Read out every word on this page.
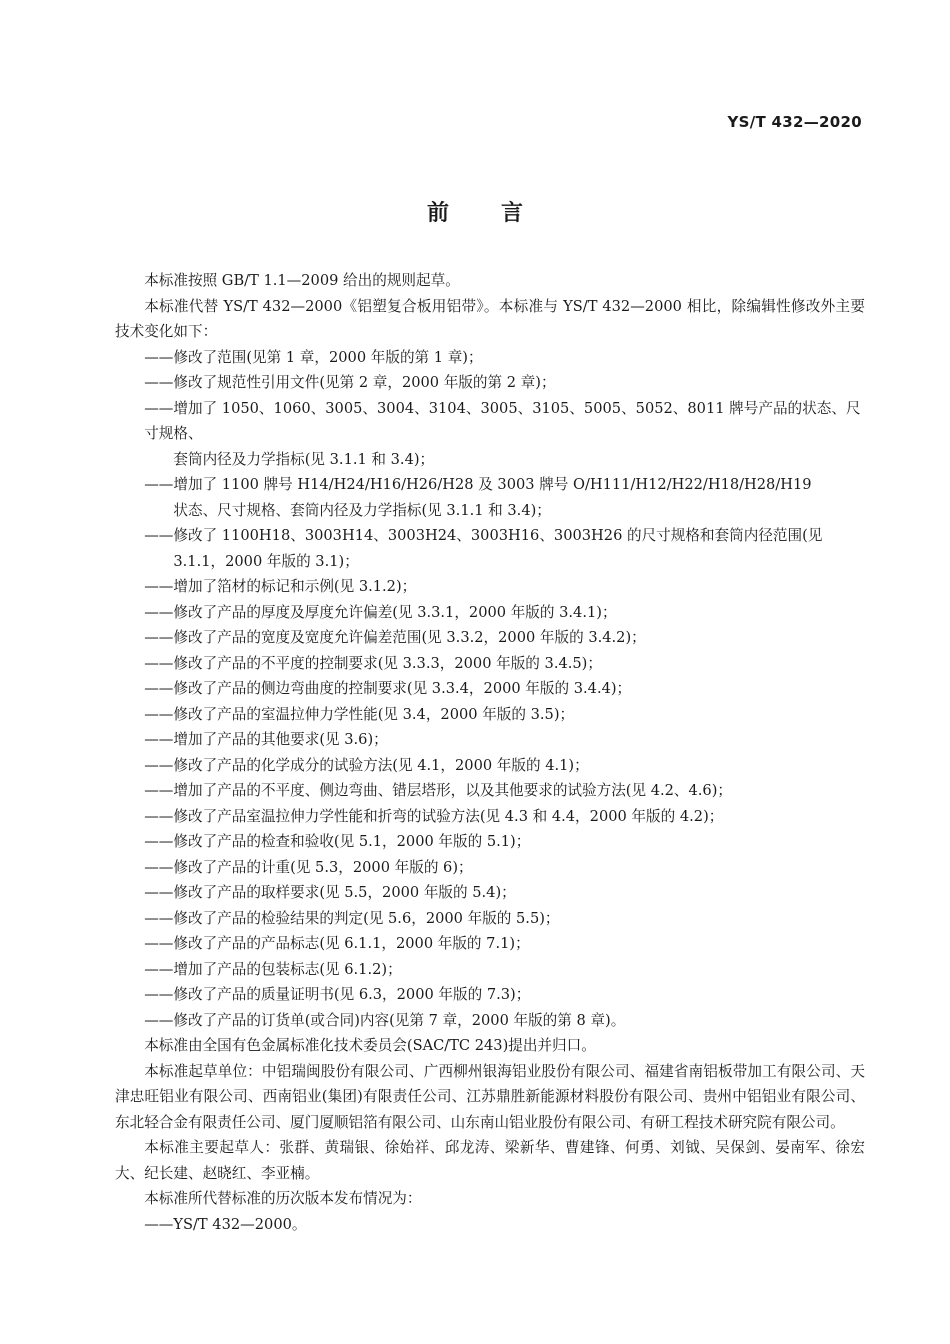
YS/T 432—2020
前言

本标准按照 GB/T 1.1—2009 给出的规则起草。

本标准代替 YS/T 432—2000《铝塑复合板用铝带》。本标准与 YS/T 432—2000 相比，除编辑性修改外主要技术变化如下：

——修改了范围(见第 1 章，2000 年版的第 1 章)；
——修改了规范性引用文件(见第 2 章，2000 年版的第 2 章)；
——增加了 1050、1060、3005、3004、3104、3005、3105、5005、5052、8011 牌号产品的状态、尺寸规格、
套筒内径及力学指标(见 3.1.1 和 3.4)；
——增加了 1100 牌号 H14/H24/H16/H26/H28 及 3003 牌号 O/H111/H12/H22/H18/H28/H19
状态、尺寸规格、套筒内径及力学指标(见 3.1.1 和 3.4)；
——修改了 1100H18、3003H14、3003H24、3003H16、3003H26 的尺寸规格和套筒内径范围(见
3.1.1，2000 年版的 3.1)；
——增加了箔材的标记和示例(见 3.1.2)；
——修改了产品的厚度及厚度允许偏差(见 3.3.1，2000 年版的 3.4.1)；
——修改了产品的宽度及宽度允许偏差范围(见 3.3.2，2000 年版的 3.4.2)；
——修改了产品的不平度的控制要求(见 3.3.3，2000 年版的 3.4.5)；
——修改了产品的侧边弯曲度的控制要求(见 3.3.4，2000 年版的 3.4.4)；
——修改了产品的室温拉伸力学性能(见 3.4，2000 年版的 3.5)；
——增加了产品的其他要求(见 3.6)；
——修改了产品的化学成分的试验方法(见 4.1，2000 年版的 4.1)；
——增加了产品的不平度、侧边弯曲、错层塔形，以及其他要求的试验方法(见 4.2、4.6)；
——修改了产品室温拉伸力学性能和折弯的试验方法(见 4.3 和 4.4，2000 年版的 4.2)；
——修改了产品的检查和验收(见 5.1，2000 年版的 5.1)；
——修改了产品的计重(见 5.3，2000 年版的 6)；
——修改了产品的取样要求(见 5.5，2000 年版的 5.4)；
——修改了产品的检验结果的判定(见 5.6，2000 年版的 5.5)；
——修改了产品的产品标志(见 6.1.1，2000 年版的 7.1)；
——增加了产品的包装标志(见 6.1.2)；
——修改了产品的质量证明书(见 6.3，2000 年版的 7.3)；
——修改了产品的订货单(或合同)内容(见第 7 章，2000 年版的第 8 章)。

本标准由全国有色金属标准化技术委员会(SAC/TC 243)提出并归口。

本标准起草单位：中铝瑞闽股份有限公司、广西柳州银海铝业股份有限公司、福建省南铝板带加工有限公司、天津忠旺铝业有限公司、西南铝业(集团)有限责任公司、江苏鼎胜新能源材料股份有限公司、贵州中铝铝业有限公司、东北轻合金有限责任公司、厦门厦顺铝箔有限公司、山东南山铝业股份有限公司、有研工程技术研究院有限公司。

本标准主要起草人：张群、黄瑞银、徐始祥、邱龙涛、梁新华、曹建锋、何勇、刘钺、吴保剑、晏南军、徐宏大、纪长建、赵晓红、李亚楠。

本标准所代替标准的历次版本发布情况为：

——YS/T 432—2000。
